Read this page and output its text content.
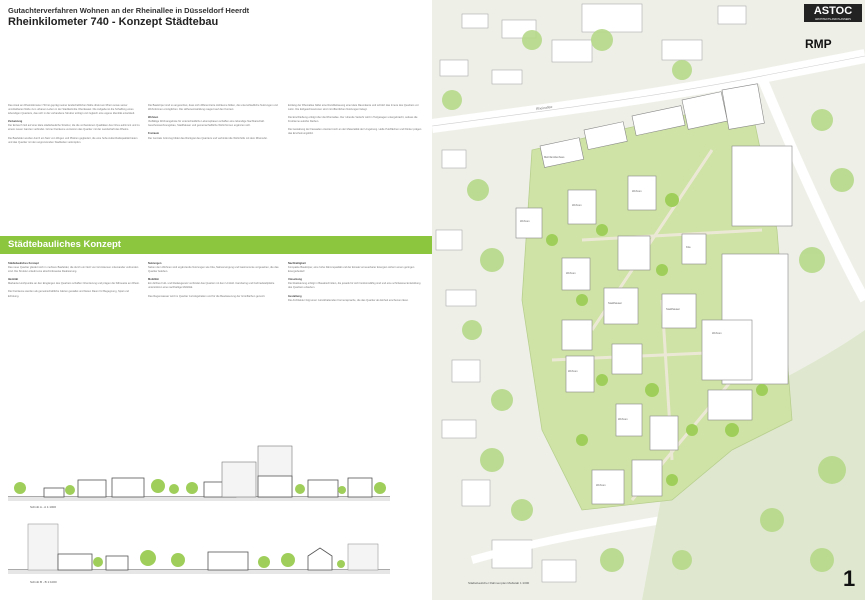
Gutachterverfahren Wohnen an der Rheinallee in Düsseldorf Heerdt
Rheinkilometer 740 - Konzept Städtebau

Das Areal am Rheinkilometer 740 ist geprägt seiner landschaftlichen Nähe direkt am Rhein sowie seiner unmittelbaren Nähe zum urbanen Leben in der Stadtteilmitte Oberkassel. Die Aufgabe ist die Schaffung eines lebendigen Quartiers, das sich in die vorhandene Struktur einfügt und zugleich eine eigene Identität entwickelt.

Zielsetzung

Der Entwurf zielt auf eine klare städtebauliche Struktur, die die vorhandenen Qualitäten des Ortes aufnimmt und zu einem neuen Ganzen verbindet. Grüne Freiräume vernetzen das Quartier mit der Landschaft des Rheins.

Die Baufelder werden durch ein Netz von Wegen und Plätzen gegliedert, die eine hohe Aufenthaltsqualität bieten und das Quartier mit den angrenzenden Stadtteilen verknüpfen.

Die Baukörper sind so angeordnet, dass sich differenzierte Hofräume bilden, die unterschiedliche Nutzungen und Wohnformen ermöglichen. Die Höhenentwicklung reagiert auf den Kontext.

Wohnen

Vielfältige Wohnangebote für unterschiedliche Lebensphasen schaffen eine lebendige Nachbarschaft. Geschosswohnungsbau, Stadthäuser und gemeinschaftliche Wohnformen ergänzen sich.

Freiraum

Der zentrale Grünzug bildet das Rückgrat des Quartiers und verbindet die Wohnhöfe mit dem Rheinufer.

Entlang der Rheinallee bildet eine Randbebauung eine klare Raumkante und schützt das Innere des Quartiers vor Lärm. Die Erdgeschosszonen sind mit öffentlichen Nutzungen belegt.

Die Erschließung erfolgt über die Rheinallee. Der ruhende Verkehr wird in Tiefgaragen untergebracht, sodass die Freiräume autofrei bleiben.

Die Gestaltung der Fassaden orientiert sich an der Materialität der Umgebung. Helle Putzflächen und Klinker prägen das Erscheinungsbild.

Städtebauliches Konzept

Städtebauliches Konzept

Das neue Quartier gliedert sich in mehrere Baufelder, die durch ein Netz von Grünräumen miteinander verbunden sind. Die Struktur erlaubt eine abschnittsweise Realisierung.

Identität

Markante Hochpunkte an den Eingängen des Quartiers schaffen Orientierung und prägen die Silhouette am Rhein.

Die Freiräume werden als gemeinschaftliche Gärten gestaltet und bieten Raum für Begegnung, Spiel und Erholung.

Nutzungen

Neben dem Wohnen sind ergänzende Nutzungen wie Kita, Nahversorgung und Gastronomie vorgesehen, die das Quartier beleben.

Mobilität

Ein dichtes Fuß- und Radwegenetz verbindet das Quartier mit dem Umfeld. Carsharing und Fahrradstellplätze unterstützen eine nachhaltige Mobilität.

Das Regenwasser wird im Quartier zurückgehalten und für die Bewässerung der Grünflächen genutzt.

Nachhaltigkeit

Kompakte Baukörper, eine hohe Dämmqualität und der Einsatz erneuerbarer Energien sichern einen geringen Energiebedarf.

Umsetzung

Die Realisierung erfolgt in Bauabschnitten, die jeweils für sich funktionsfähig sind und eine schrittweise Entwicklung des Quartiers erlauben.

Gestaltung

Die Architektur folgt einer zurückhaltenden Formensprache, die das Quartier als Einheit erscheinen lässt.

Schnitt A - A 1:1000
Schnitt B - B 1:1000
Rheinallee
Mehrfamilienhaus
Wohnen
Wohnen
Wohnen
Wohnen
Kita
Stadthäuser
Stadthäuser
Wohnen
Wohnen
Wohnen
Wohnen
ASTOC
ARCHITECTS AND PLANNERS
RMP
1
Städtebaulicher Rahmenplan Maßstab 1:1000
